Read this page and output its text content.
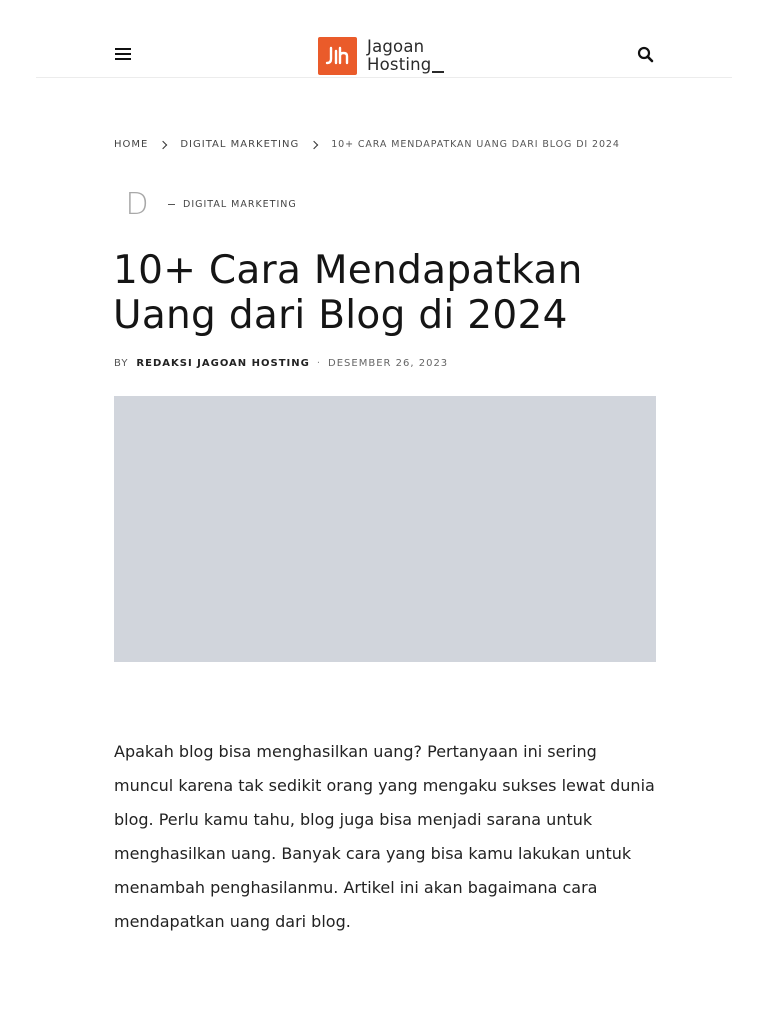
Jagoan
Hosting
HOME	DIGITAL MARKETING	10+ CARA MENDAPATKAN UANG DARI BLOG DI 2024
D	DIGITAL MARKETING
10+ Cara Mendapatkan Uang dari Blog di 2024
BY REDAKSI JAGOAN HOSTING · DESEMBER 26, 2023

Apakah blog bisa menghasilkan uang? Pertanyaan ini sering muncul karena tak sedikit orang yang mengaku sukses lewat dunia blog. Perlu kamu tahu, blog juga bisa menjadi sarana untuk menghasilkan uang. Banyak cara yang bisa kamu lakukan untuk menambah penghasilanmu. Artikel ini akan bagaimana cara mendapatkan uang dari blog.
